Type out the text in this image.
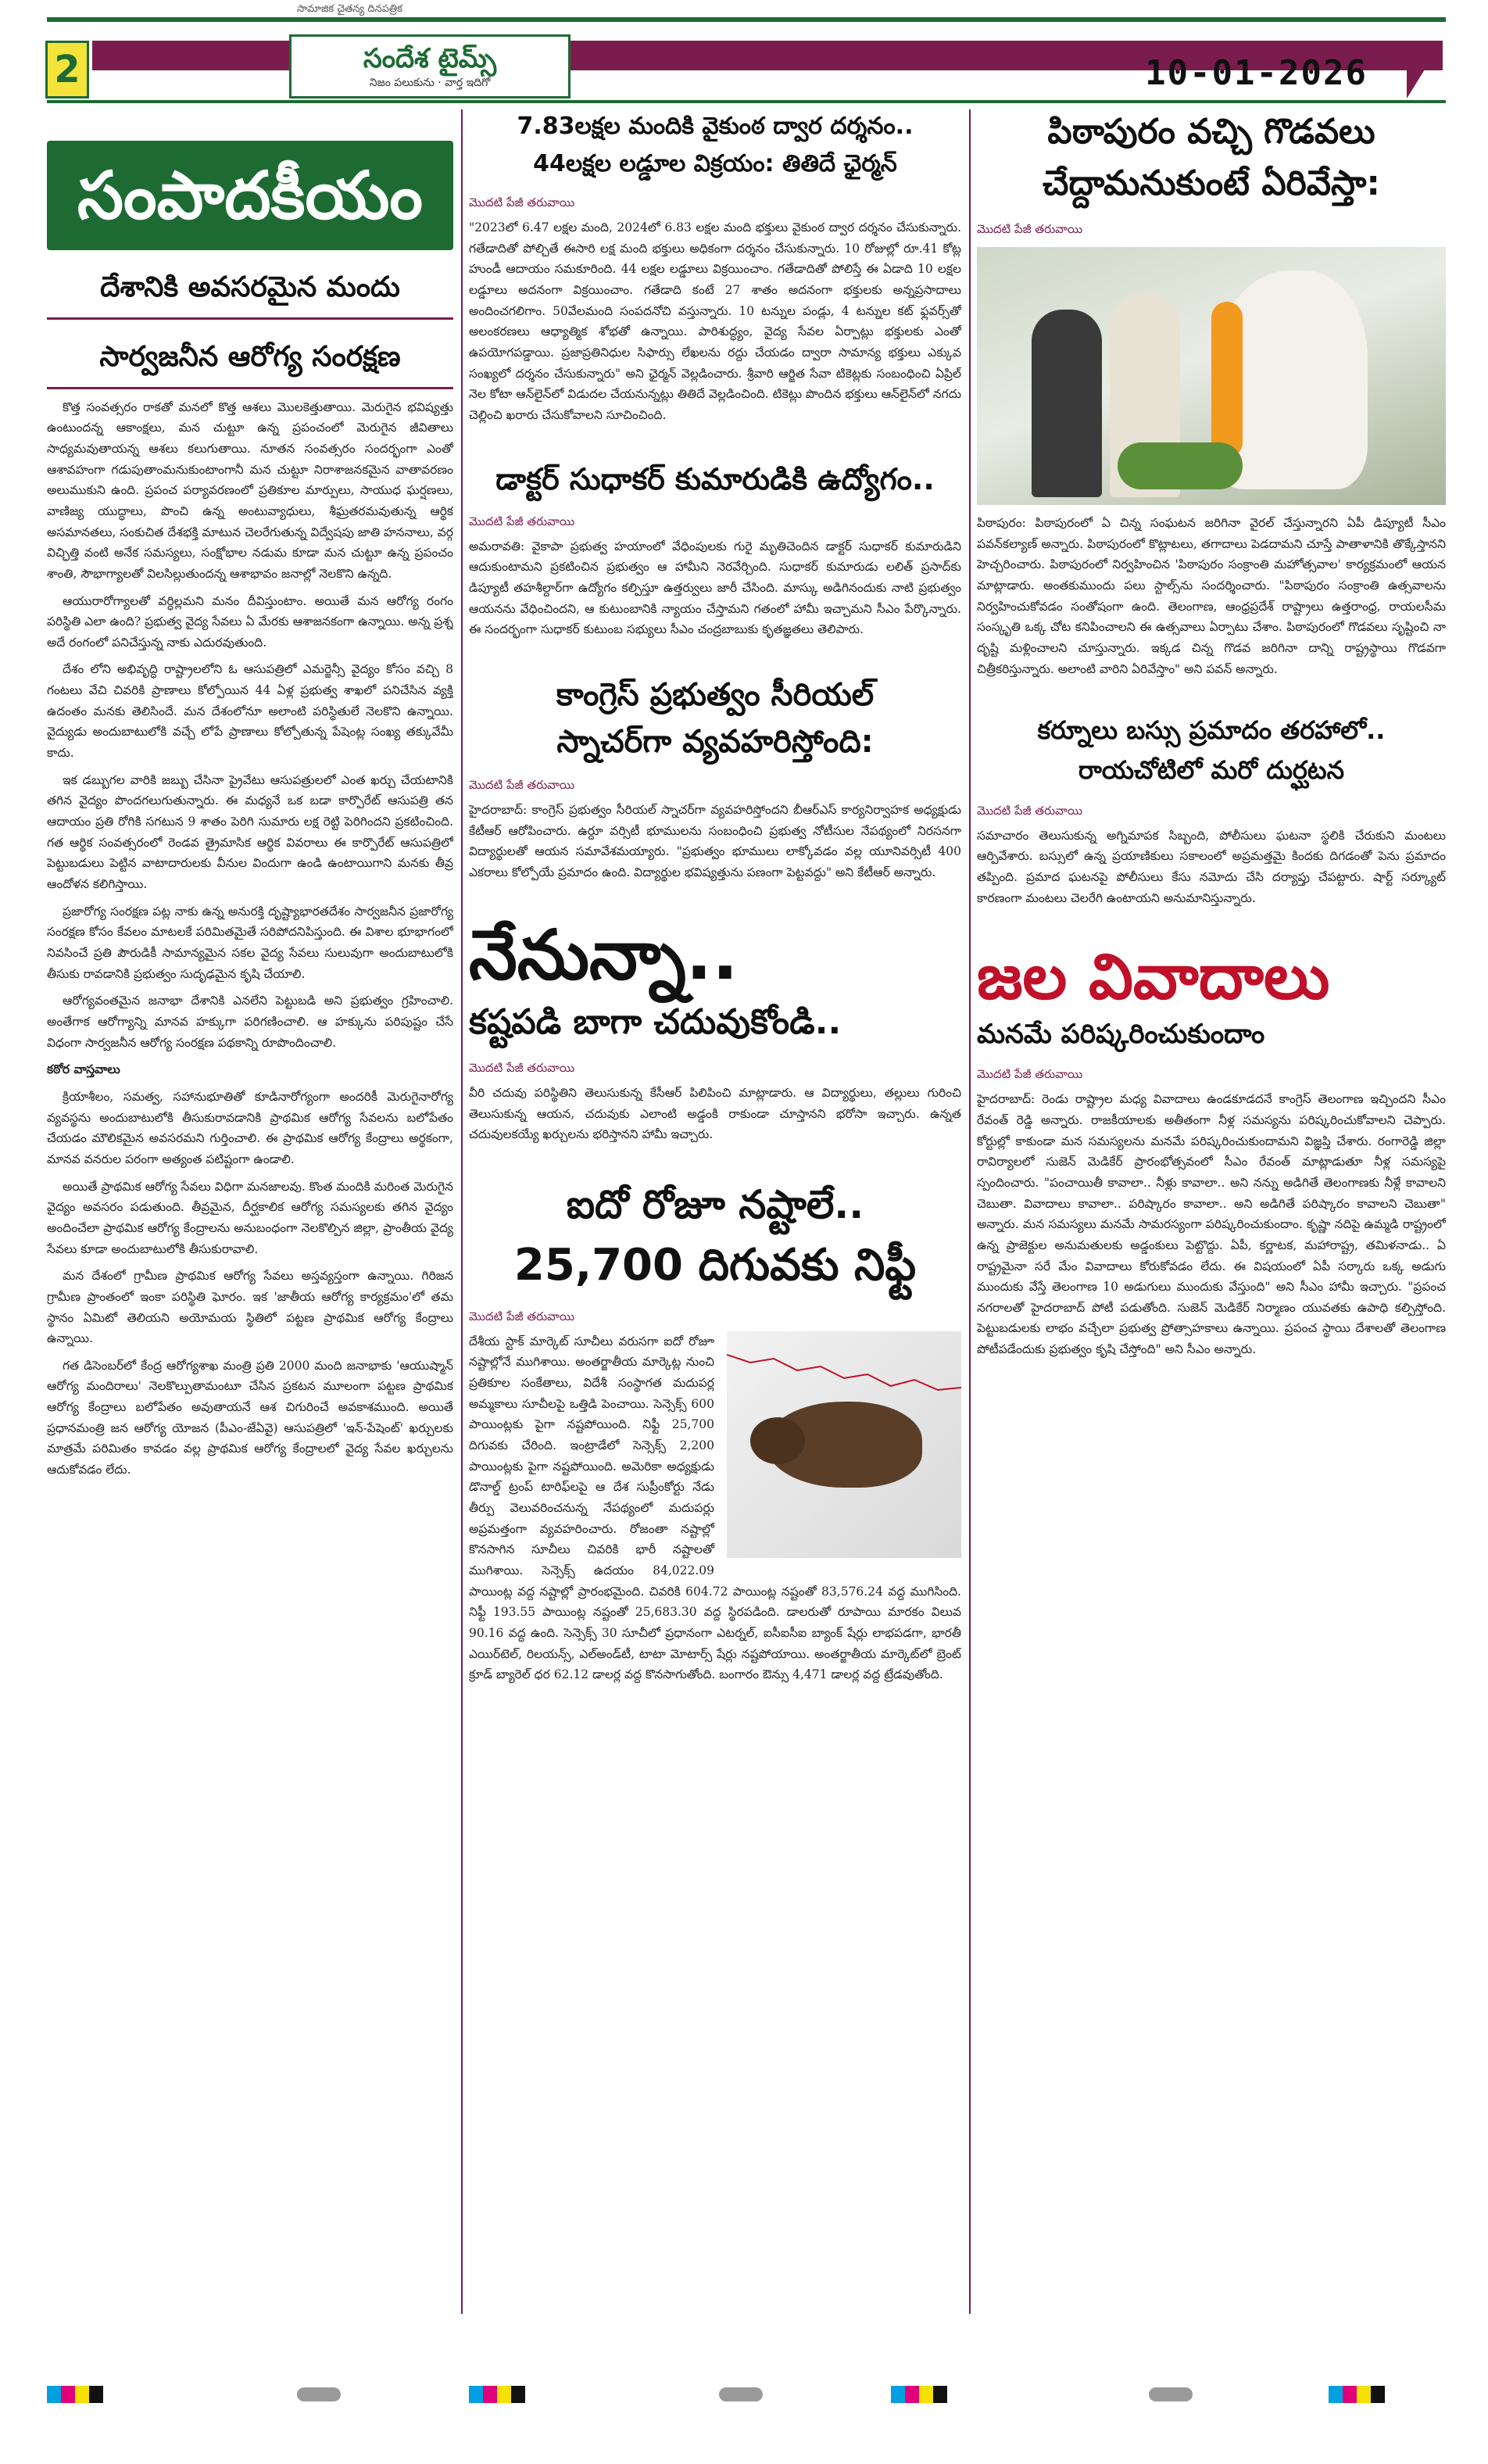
2
సామాజిక చైతన్య దినపత్రిక
సందేశ టైమ్స్
నిజం పలుకును · వార్త ఇదిగో	10-01-2026
సంపాదకీయం
దేశానికి అవసరమైన మందు
సార్వజనీన ఆరోగ్య సంరక్షణ

కొత్త సంవత్సరం రాకతో మనలో కొత్త ఆశలు మొలకెత్తుతాయి. మెరుగైన భవిష్యత్తు ఉంటుందన్న ఆకాంక్షలు, మన చుట్టూ ఉన్న ప్రపంచంలో మెరుగైన జీవితాలు సాధ్యమవుతాయన్న ఆశలు కలుగుతాయి. నూతన సంవత్సరం సందర్భంగా ఎంతో ఆశావహంగా గడుపుతాంమనుకుంటాంగానీ మన చుట్టూ నిరాశాజనకమైన వాతావరణం అలుముకుని ఉంది. ప్రపంచ పర్యావరణంలో ప్రతికూల మార్పులు, సాయుధ ఘర్షణలు, వాణిజ్య యుద్ధాలు, పొంచి ఉన్న అంటువ్యాధులు, శీఘ్రతరమవుతున్న ఆర్థిక అసమానతలు, సంకుచిత దేశభక్తి మాటున చెలరేగుతున్న విద్వేషపు జాతి హననాలు, వర్గ విచ్ఛిత్తి వంటి అనేక సమస్యలు, సంక్షోభాల నడుమ కూడా మన చుట్టూ ఉన్న ప్రపంచం శాంతి, సౌభాగ్యాలతో విలసిల్లుతుందన్న ఆశాభావం జనాల్లో నెలకొని ఉన్నది.

ఆయురారోగ్యాలతో వర్ధిల్లమని మనం దీవిస్తుంటాం. అయితే మన ఆరోగ్య రంగం పరిస్థితి ఎలా ఉంది? ప్రభుత్వ వైద్య సేవలు ఏ మేరకు ఆశాజనకంగా ఉన్నాయి. అన్న ప్రశ్న అదే రంగంలో పనిచేస్తున్న నాకు ఎదురవుతుంది.

దేశం లోని అభివృద్ధి రాష్ట్రాలలోని ఓ ఆసుపత్రిలో ఎమర్జెన్సీ వైద్యం కోసం వచ్చి 8 గంటలు వేచి చివరికి ప్రాణాలు కోల్పోయిన 44 ఏళ్ల ప్రభుత్వ శాఖలో పనిచేసిన వ్యక్తి ఉదంతం మనకు తెలిసిందే. మన దేశంలోనూ అలాంటి పరిస్థితులే నెలకొని ఉన్నాయి. వైద్యుడు అందుబాటులోకి వచ్చే లోపే ప్రాణాలు కోల్పోతున్న పేషెంట్ల సంఖ్య తక్కువేమీ కాదు.

ఇక డబ్బుగల వారికి జబ్బు చేసినా ప్రైవేటు ఆసుపత్రులలో ఎంత ఖర్చు చేయటానికి తగిన వైద్యం పొందగలుగుతున్నారు. ఈ మధ్యనే ఒక బడా కార్పొరేట్ ఆసుపత్రి తన ఆదాయం ప్రతి రోగికి సగటున 9 శాతం పెరిగి సుమారు లక్ష రెట్టి పెరిగిందని ప్రకటించింది. గత ఆర్థిక సంవత్సరంలో రెండవ త్రైమాసిక ఆర్థిక వివరాలు ఈ కార్పొరేట్ ఆసుపత్రిలో పెట్టుబడులు పెట్టిన వాటాదారులకు వీనుల విందుగా ఉండి ఉంటాయిగాని మనకు తీవ్ర ఆందోళన కలిగిస్తాయి.

ప్రజారోగ్య సంరక్షణ పట్ల నాకు ఉన్న అనురక్తి దృష్ట్యాభారతదేశం సార్వజనీన ప్రజారోగ్య సంరక్షణ కోసం కేవలం మాటలకే పరిమితమైతే సరిపోదనిపిస్తుంది. ఈ విశాల భూభాగంలో నివసించే ప్రతి పౌరుడికీ సామాన్యమైన సకల వైద్య సేవలు సులువుగా అందుబాటులోకి తీసుకు రావడానికి ప్రభుత్వం సుదృఢమైన కృషి చేయాలి.

ఆరోగ్యవంతమైన జనాభా దేశానికి ఎనలేని పెట్టుబడి అని ప్రభుత్వం గ్రహించాలి. అంతేగాక ఆరోగ్యాన్ని మానవ హక్కుగా పరిగణించాలి. ఆ హక్కును పరిపుష్టం చేసే విధంగా సార్వజనీన ఆరోగ్య సంరక్షణ పథకాన్ని రూపొందించాలి.

కఠోర వాస్తవాలు

క్రియాశీలం, సమత్వ, సహానుభూతితో కూడినారోగ్యంగా అందరికీ మెరుగైనారోగ్య వ్యవస్థను అందుబాటులోకి తీసుకురావడానికి ప్రాథమిక ఆరోగ్య సేవలను బలోపేతం చేయడం మౌలికమైన అవసరమని గుర్తించాలి. ఈ ప్రాథమిక ఆరోగ్య కేంద్రాలు అర్థకంగా, మానవ వనరుల పరంగా అత్యంత పటిష్టంగా ఉండాలి.

అయితే ప్రాథమిక ఆరోగ్య సేవలు విధిగా మనజాలవు. కొంత మందికి మరింత మెరుగైన వైద్యం అవసరం పడుతుంది. తీవ్రమైన, దీర్ఘకాలిక ఆరోగ్య సమస్యలకు తగిన వైద్యం అందించేలా ప్రాథమిక ఆరోగ్య కేంద్రాలను అనుబంధంగా నెలకొల్పిన జిల్లా, ప్రాంతీయ వైద్య సేవలు కూడా అందుబాటులోకి తీసుకురావాలి.

మన దేశంలో గ్రామీణ ప్రాథమిక ఆరోగ్య సేవలు అస్తవ్యస్తంగా ఉన్నాయి. గిరిజన గ్రామీణ ప్రాంతంలో ఇంకా పరిస్థితి ఘోరం. ఇక 'జాతీయ ఆరోగ్య కార్యక్రమం'లో తమ స్థానం ఏమిటో తెలియని అయోమయ స్థితిలో పట్టణ ప్రాథమిక ఆరోగ్య కేంద్రాలు ఉన్నాయి.

గత డిసెంబర్‌లో కేంద్ర ఆరోగ్యశాఖ మంత్రి ప్రతి 2000 మంది జనాభాకు 'ఆయుష్మాన్ ఆరోగ్య మందిరాలు' నెలకొల్పుతామంటూ చేసిన ప్రకటన మూలంగా పట్టణ ప్రాథమిక ఆరోగ్య కేంద్రాలు బలోపేతం అవుతాయనే ఆశ చిగురించే అవకాశముంది. అయితే ప్రధానమంత్రి జన ఆరోగ్య యోజన (పీఎం-జేఏవై) ఆసుపత్రిలో 'ఇన్-పేషెంట్' ఖర్చులకు మాత్రమే పరిమితం కావడం వల్ల ప్రాథమిక ఆరోగ్య కేంద్రాలలో వైద్య సేవల ఖర్చులను ఆదుకోవడం లేదు.

7.83లక్షల మందికి వైకుంఠ ద్వార దర్శనం..
44లక్షల లడ్డూల విక్రయం: తితిదే ఛైర్మన్
మొదటి పేజీ తరువాయి
"2023లో 6.47 లక్షల మంది, 2024లో 6.83 లక్షల మంది భక్తులు వైకుంఠ ద్వార దర్శనం చేసుకున్నారు. గతేడాదితో పోల్చితే ఈసారి లక్ష మంది భక్తులు అధికంగా దర్శనం చేసుకున్నారు. 10 రోజుల్లో రూ.41 కోట్ల హుండీ ఆదాయం సమకూరింది. 44 లక్షల లడ్డూలు విక్రయించాం. గతేడాదితో పోలిస్తే ఈ ఏడాది 10 లక్షల లడ్డూలు అదనంగా విక్రయించాం. గతేడాది కంటే 27 శాతం అదనంగా భక్తులకు అన్నప్రసాదాలు అందించగలిగాం. 50వేలమంది సంపదనోచి వస్తున్నారు. 10 టన్నుల పండ్లు, 4 టన్నుల కట్ ఫ్లవర్స్‌తో అలంకరణలు ఆధ్యాత్మిక శోభతో ఉన్నాయి. పారిశుద్ధ్యం, వైద్య సేవల ఏర్పాట్లు భక్తులకు ఎంతో ఉపయోగపడ్డాయి. ప్రజాప్రతినిధుల సిఫార్సు లేఖలను రద్దు చేయడం ద్వారా సామాన్య భక్తులు ఎక్కువ సంఖ్యలో దర్శనం చేసుకున్నారు" అని ఛైర్మన్ వెల్లడించారు. శ్రీవారి ఆర్జిత సేవా టికెట్లకు సంబంధించి ఏప్రిల్ నెల కోటా ఆన్‌లైన్‌లో విడుదల చేయనున్నట్లు తితిదే వెల్లడించింది. టికెట్లు పొందిన భక్తులు ఆన్‌లైన్‌లో నగదు చెల్లించి ఖరారు చేసుకోవాలని సూచించింది.
డాక్టర్ సుధాకర్ కుమారుడికి ఉద్యోగం..
మొదటి పేజీ తరువాయి
అమరావతి: వైకాపా ప్రభుత్వ హయాంలో వేధింపులకు గురై మృతిచెందిన డాక్టర్ సుధాకర్ కుమారుడిని ఆదుకుంటామని ప్రకటించిన ప్రభుత్వం ఆ హామీని నెరవేర్చింది. సుధాకర్ కుమారుడు లలిత్ ప్రసాద్‌కు డిప్యూటీ తహశీల్దార్‌గా ఉద్యోగం కల్పిస్తూ ఉత్తర్వులు జారీ చేసింది. మాస్కు అడిగినందుకు నాటి ప్రభుత్వం ఆయనను వేధించిందని, ఆ కుటుంబానికి న్యాయం చేస్తామని గతంలో హామీ ఇచ్చామని సీఎం పేర్కొన్నారు. ఈ సందర్భంగా సుధాకర్ కుటుంబ సభ్యులు సీఎం చంద్రబాబుకు కృతజ్ఞతలు తెలిపారు.
కాంగ్రెస్ ప్రభుత్వం సీరియల్
స్నాచర్‌గా వ్యవహరిస్తోంది:
మొదటి పేజీ తరువాయి
హైదరాబాద్: కాంగ్రెస్ ప్రభుత్వం సీరియల్ స్నాచర్‌గా వ్యవహరిస్తోందని బీఆర్ఎస్ కార్యనిర్వాహక అధ్యక్షుడు కేటీఆర్ ఆరోపించారు. ఉర్దూ వర్సిటీ భూములను సంబంధించి ప్రభుత్వ నోటీసుల నేపథ్యంలో నిరసనగా విద్యార్థులతో ఆయన సమావేశమయ్యారు. "ప్రభుత్వం భూములు లాక్కోవడం వల్ల యూనివర్సిటీ 400 ఎకరాలు కోల్పోయే ప్రమాదం ఉంది. విద్యార్థుల భవిష్యత్తును పణంగా పెట్టవద్దు" అని కేటీఆర్ అన్నారు.
నేనున్నా..
కష్టపడి బాగా చదువుకోండి..
మొదటి పేజీ తరువాయి
వీరి చదువు పరిస్థితిని తెలుసుకున్న కేసీఆర్ పిలిపించి మాట్లాడారు. ఆ విద్యార్థులు, తల్లులు గురించి తెలుసుకున్న ఆయన, చదువుకు ఎలాంటి అడ్డంకి రాకుండా చూస్తానని భరోసా ఇచ్చారు. ఉన్నత చదువులకయ్యే ఖర్చులను భరిస్తానని హామీ ఇచ్చారు.
ఐదో రోజూ నష్టాలే..
25,700 దిగువకు నిఫ్టీ
మొదటి పేజీ తరువాయి
దేశీయ స్టాక్ మార్కెట్ సూచీలు వరుసగా ఐదో రోజూ నష్టాల్లోనే ముగిశాయి. అంతర్జాతీయ మార్కెట్ల నుంచి ప్రతికూల సంకేతాలు, విదేశీ సంస్థాగత మదుపర్ల అమ్మకాలు సూచీలపై ఒత్తిడి పెంచాయి. సెన్సెక్స్ 600 పాయింట్లకు పైగా నష్టపోయింది. నిఫ్టీ 25,700 దిగువకు చేరింది. ఇంట్రాడేలో సెన్సెక్స్ 2,200 పాయింట్లకు పైగా నష్టపోయింది. అమెరికా అధ్యక్షుడు డొనాల్డ్ ట్రంప్ టారిఫ్‌లపై ఆ దేశ సుప్రీంకోర్టు నేడు తీర్పు వెలువరించనున్న నేపథ్యంలో మదుపర్లు అప్రమత్తంగా వ్యవహరించారు. రోజంతా నష్టాల్లో కొనసాగిన సూచీలు చివరికి భారీ నష్టాలతో ముగిశాయి. సెన్సెక్స్ ఉదయం 84,022.09 పాయింట్ల వద్ద నష్టాల్లో ప్రారంభమైంది. చివరికి 604.72 పాయింట్ల నష్టంతో 83,576.24 వద్ద ముగిసింది. నిఫ్టీ 193.55 పాయింట్ల నష్టంతో 25,683.30 వద్ద స్థిరపడింది. డాలరుతో రూపాయి మారకం విలువ 90.16 వద్ద ఉంది. సెన్సెక్స్ 30 సూచీలో ప్రధానంగా ఎటర్నల్, ఐసీఐసీఐ బ్యాంక్ షేర్లు లాభపడగా, భారతీ ఎయిర్‌టెల్, రిలయన్స్, ఎల్‌అండ్‌టీ, టాటా మోటార్స్ షేర్లు నష్టపోయాయి. అంతర్జాతీయ మార్కెట్‌లో బ్రెంట్ క్రూడ్ బ్యారెల్ ధర 62.12 డాలర్ల వద్ద కొనసాగుతోంది. బంగారం ఔన్సు 4,471 డాలర్ల వద్ద ట్రేడవుతోంది.
పిఠాపురం వచ్చి గొడవలు
చేద్దామనుకుంటే ఏరివేస్తా:
మొదటి పేజీ తరువాయి
పిఠాపురం: పిఠాపురంలో ఏ చిన్న సంఘటన జరిగినా వైరల్ చేస్తున్నారని ఏపీ డిప్యూటీ సీఎం పవన్‌కల్యాణ్ అన్నారు. పిఠాపురంలో కొట్లాటలు, తగాదాలు పెడదామని చూస్తే పాతాళానికి తొక్కేస్తానని హెచ్చరించారు. పిఠాపురంలో నిర్వహించిన 'పిఠాపురం సంక్రాంతి మహోత్సవాల' కార్యక్రమంలో ఆయన మాట్లాడారు. అంతకుముందు పలు స్టాల్స్‌ను సందర్శించారు. "పిఠాపురం సంక్రాంతి ఉత్సవాలను నిర్వహించుకోవడం సంతోషంగా ఉంది. తెలంగాణ, ఆంధ్రప్రదేశ్ రాష్ట్రాలు ఉత్తరాంధ్ర, రాయలసీమ సంస్కృతి ఒక్క చోట కనిపించాలని ఈ ఉత్సవాలు ఏర్పాటు చేశాం. పిఠాపురంలో గొడవలు సృష్టించి నా దృష్టి మళ్లించాలని చూస్తున్నారు. ఇక్కడ చిన్న గొడవ జరిగినా దాన్ని రాష్ట్రస్థాయి గొడవగా చిత్రీకరిస్తున్నారు. అలాంటి వారిని ఏరివేస్తాం" అని పవన్ అన్నారు.
కర్నూలు బస్సు ప్రమాదం తరహాలో..
రాయచోటిలో మరో దుర్ఘటన
మొదటి పేజీ తరువాయి
సమాచారం తెలుసుకున్న అగ్నిమాపక సిబ్బంది, పోలీసులు ఘటనా స్థలికి చేరుకుని మంటలు ఆర్పివేశారు. బస్సులో ఉన్న ప్రయాణికులు సకాలంలో అప్రమత్తమై కిందకు దిగడంతో పెను ప్రమాదం తప్పింది. ప్రమాద ఘటనపై పోలీసులు కేసు నమోదు చేసి దర్యాప్తు చేపట్టారు. షార్ట్ సర్క్యూట్ కారణంగా మంటలు చెలరేగి ఉంటాయని అనుమానిస్తున్నారు.
జల వివాదాలు
మనమే పరిష్కరించుకుందాం
మొదటి పేజీ తరువాయి
హైదరాబాద్: రెండు రాష్ట్రాల మధ్య వివాదాలు ఉండకూడదనే కాంగ్రెస్ తెలంగాణ ఇచ్చిందని సీఎం రేవంత్ రెడ్డి అన్నారు. రాజకీయాలకు అతీతంగా నీళ్ల సమస్యను పరిష్కరించుకోవాలని చెప్పారు. కోర్టుల్లో కాకుండా మన సమస్యలను మనమే పరిష్కరించుకుందామని విజ్ఞప్తి చేశారు. రంగారెడ్డి జిల్లా రావిర్యాలలో సుజెన్ మెడికేర్ ప్రారంభోత్సవంలో సీఎం రేవంత్ మాట్లాడుతూ నీళ్ల సమస్యపై స్పందించారు. "పంచాయితీ కావాలా.. నీళ్లు కావాలా.. అని నన్ను అడిగితే తెలంగాణకు నీళ్లే కావాలని చెబుతా. వివాదాలు కావాలా.. పరిష్కారం కావాలా.. అని అడిగితే పరిష్కారం కావాలని చెబుతా" అన్నారు. మన సమస్యలు మనమే సామరస్యంగా పరిష్కరించుకుందాం. కృష్ణా నదిపై ఉమ్మడి రాష్ట్రంలో ఉన్న ప్రాజెక్టుల అనుమతులకు అడ్డంకులు పెట్టొద్దు. ఏపీ, కర్ణాటక, మహారాష్ట్ర, తమిళనాడు.. ఏ రాష్ట్రమైనా సరే మేం వివాదాలు కోరుకోవడం లేదు. ఈ విషయంలో ఏపీ సర్కారు ఒక్క అడుగు ముందుకు వేస్తే తెలంగాణ 10 అడుగులు ముందుకు వేస్తుంది" అని సీఎం హామీ ఇచ్చారు. "ప్రపంచ నగరాలతో హైదరాబాద్ పోటీ పడుతోంది. సుజెన్ మెడికేర్ నిర్మాణం యువతకు ఉపాధి కల్పిస్తోంది. పెట్టుబడులకు లాభం వచ్చేలా ప్రభుత్వ ప్రోత్సాహకాలు ఉన్నాయి. ప్రపంచ స్థాయి దేశాలతో తెలంగాణ పోటీపడేందుకు ప్రభుత్వం కృషి చేస్తోంది" అని సీఎం అన్నారు.
